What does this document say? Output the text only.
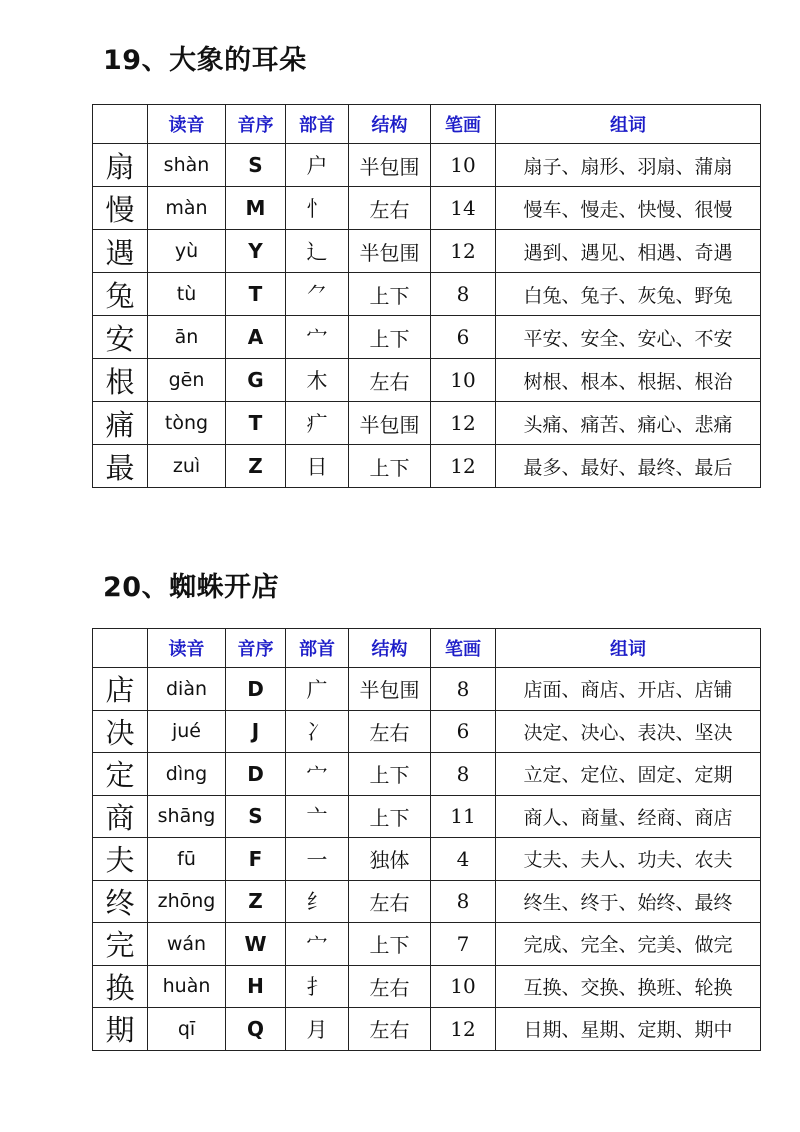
19、大象的耳朵
	读音	音序	部首	结构	笔画	组词
扇	shàn	S	户	半包围	10	扇子、扇形、羽扇、蒲扇
慢	màn	M	忄	左右	14	慢车、慢走、快慢、很慢
遇	yù	Y	辶	半包围	12	遇到、遇见、相遇、奇遇
兔	tù	T	⺈	上下	8	白兔、兔子、灰兔、野兔
安	ān	A	宀	上下	6	平安、安全、安心、不安
根	gēn	G	木	左右	10	树根、根本、根据、根治
痛	tòng	T	疒	半包围	12	头痛、痛苦、痛心、悲痛
最	zuì	Z	日	上下	12	最多、最好、最终、最后
20、蜘蛛开店
	读音	音序	部首	结构	笔画	组词
店	diàn	D	广	半包围	8	店面、商店、开店、店铺
决	jué	J	冫	左右	6	决定、决心、表决、坚决
定	dìng	D	宀	上下	8	立定、定位、固定、定期
商	shāng	S	亠	上下	11	商人、商量、经商、商店
夫	fū	F	一	独体	4	丈夫、夫人、功夫、农夫
终	zhōng	Z	纟	左右	8	终生、终于、始终、最终
完	wán	W	宀	上下	7	完成、完全、完美、做完
换	huàn	H	扌	左右	10	互换、交换、换班、轮换
期	qī	Q	月	左右	12	日期、星期、定期、期中
